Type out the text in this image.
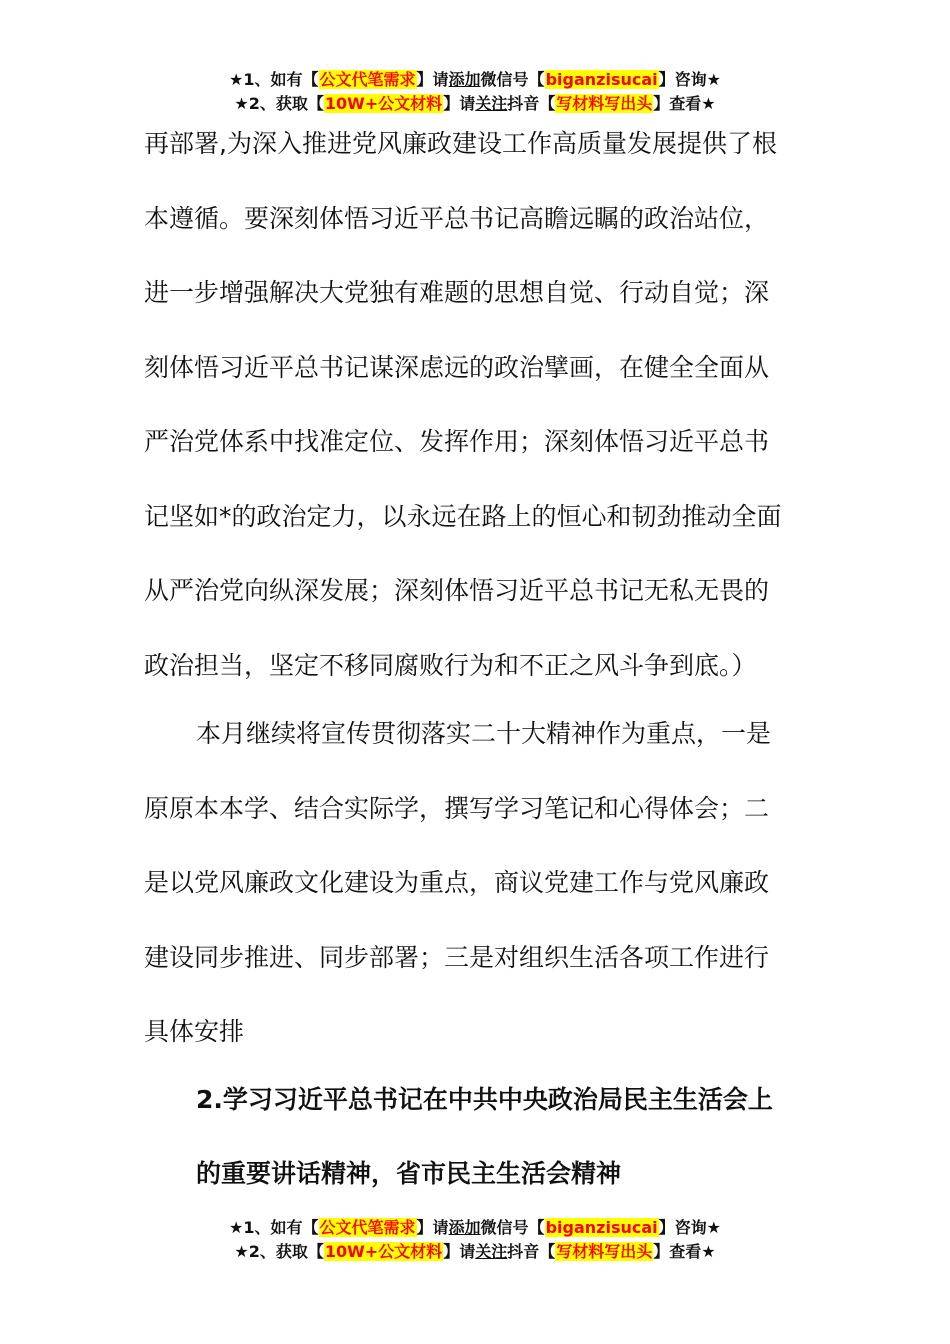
★1、如有【公文代笔需求】请添加微信号【biganzisucai】咨询★
★2、获取【10W+公文材料】请关注抖音【写材料写出头】查看★

再部署,为深入推进党风廉政建设工作高质量发展提供了根
本遵循。要深刻体悟习近平总书记高瞻远瞩的政治站位，
进一步增强解决大党独有难题的思想自觉、行动自觉；深
刻体悟习近平总书记谋深虑远的政治擘画，在健全全面从
严治党体系中找准定位、发挥作用；深刻体悟习近平总书
记坚如*的政治定力，以永远在路上的恒心和韧劲推动全面
从严治党向纵深发展；深刻体悟习近平总书记无私无畏的
政治担当，坚定不移同腐败行为和不正之风斗争到底。）

本月继续将宣传贯彻落实二十大精神作为重点，一是
原原本本学、结合实际学，撰写学习笔记和心得体会；二
是以党风廉政文化建设为重点，商议党建工作与党风廉政
建设同步推进、同步部署；三是对组织生活各项工作进行
具体安排

2.学习习近平总书记在中共中央政治局民主生活会上
的重要讲话精神，省市民主生活会精神
★1、如有【公文代笔需求】请添加微信号【biganzisucai】咨询★
★2、获取【10W+公文材料】请关注抖音【写材料写出头】查看★
